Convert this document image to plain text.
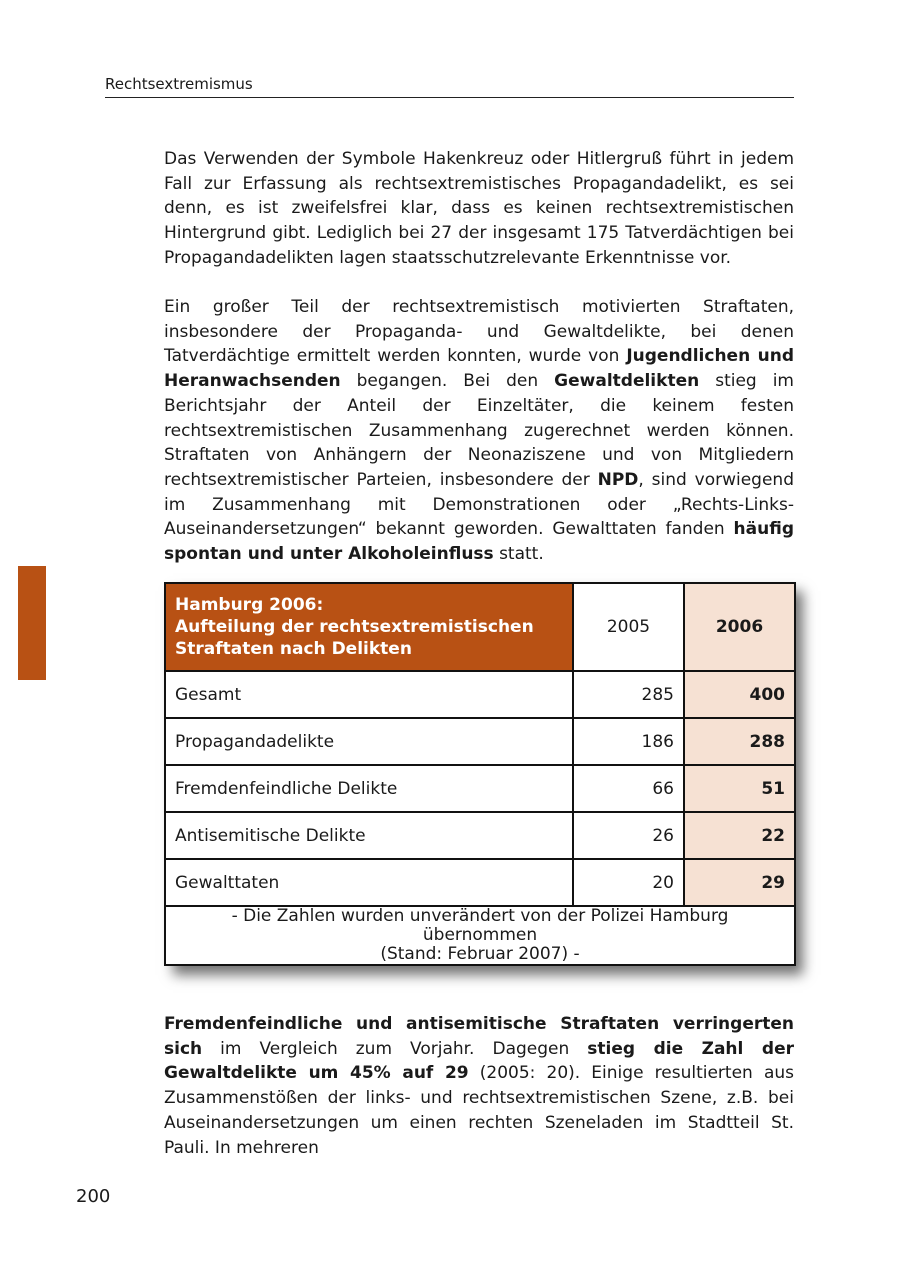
Rechtsextremismus

Das Verwenden der Symbole Hakenkreuz oder Hitlergruß führt in jedem Fall zur Erfassung als rechtsextremistisches Propagandadelikt, es sei denn, es ist zweifelsfrei klar, dass es keinen rechtsextremistischen Hintergrund gibt. Lediglich bei 27 der insgesamt 175 Tatverdächtigen bei Propagandadelikten lagen staatsschutzrelevante Erkenntnisse vor.

Ein großer Teil der rechtsextremistisch motivierten Straftaten, insbesondere der Propaganda- und Gewaltdelikte, bei denen Tatverdächtige ermittelt werden konnten, wurde von Jugendlichen und Heranwachsenden begangen. Bei den Gewaltdelikten stieg im Berichtsjahr der Anteil der Einzeltäter, die keinem festen rechtsextremistischen Zusammenhang zugerechnet werden können. Straftaten von Anhängern der Neonaziszene und von Mitgliedern rechtsextremistischer Parteien, insbesondere der NPD, sind vorwiegend im Zusammenhang mit Demonstrationen oder „Rechts-Links-Auseinandersetzungen“ bekannt geworden. Gewalttaten fanden häufig spontan und unter Alkoholeinfluss statt.

Hamburg 2006:
Aufteilung der rechtsextremistischen
Straftaten nach Delikten	2005	2006
Gesamt	285	400
Propagandadelikte	186	288
Fremdenfeindliche Delikte	66	51
Antisemitische Delikte	26	22
Gewalttaten	20	29

- Die Zahlen wurden unverändert von der Polizei Hamburg übernommen
(Stand: Februar 2007) -		

Fremdenfeindliche und antisemitische Straftaten verringerten sich im Vergleich zum Vorjahr. Dagegen stieg die Zahl der Gewaltdelikte um 45% auf 29 (2005: 20). Einige resultierten aus Zusammenstößen der links- und rechtsextremistischen Szene, z.B. bei Auseinandersetzungen um einen rechten Szeneladen im Stadtteil St. Pauli. In mehreren

200
